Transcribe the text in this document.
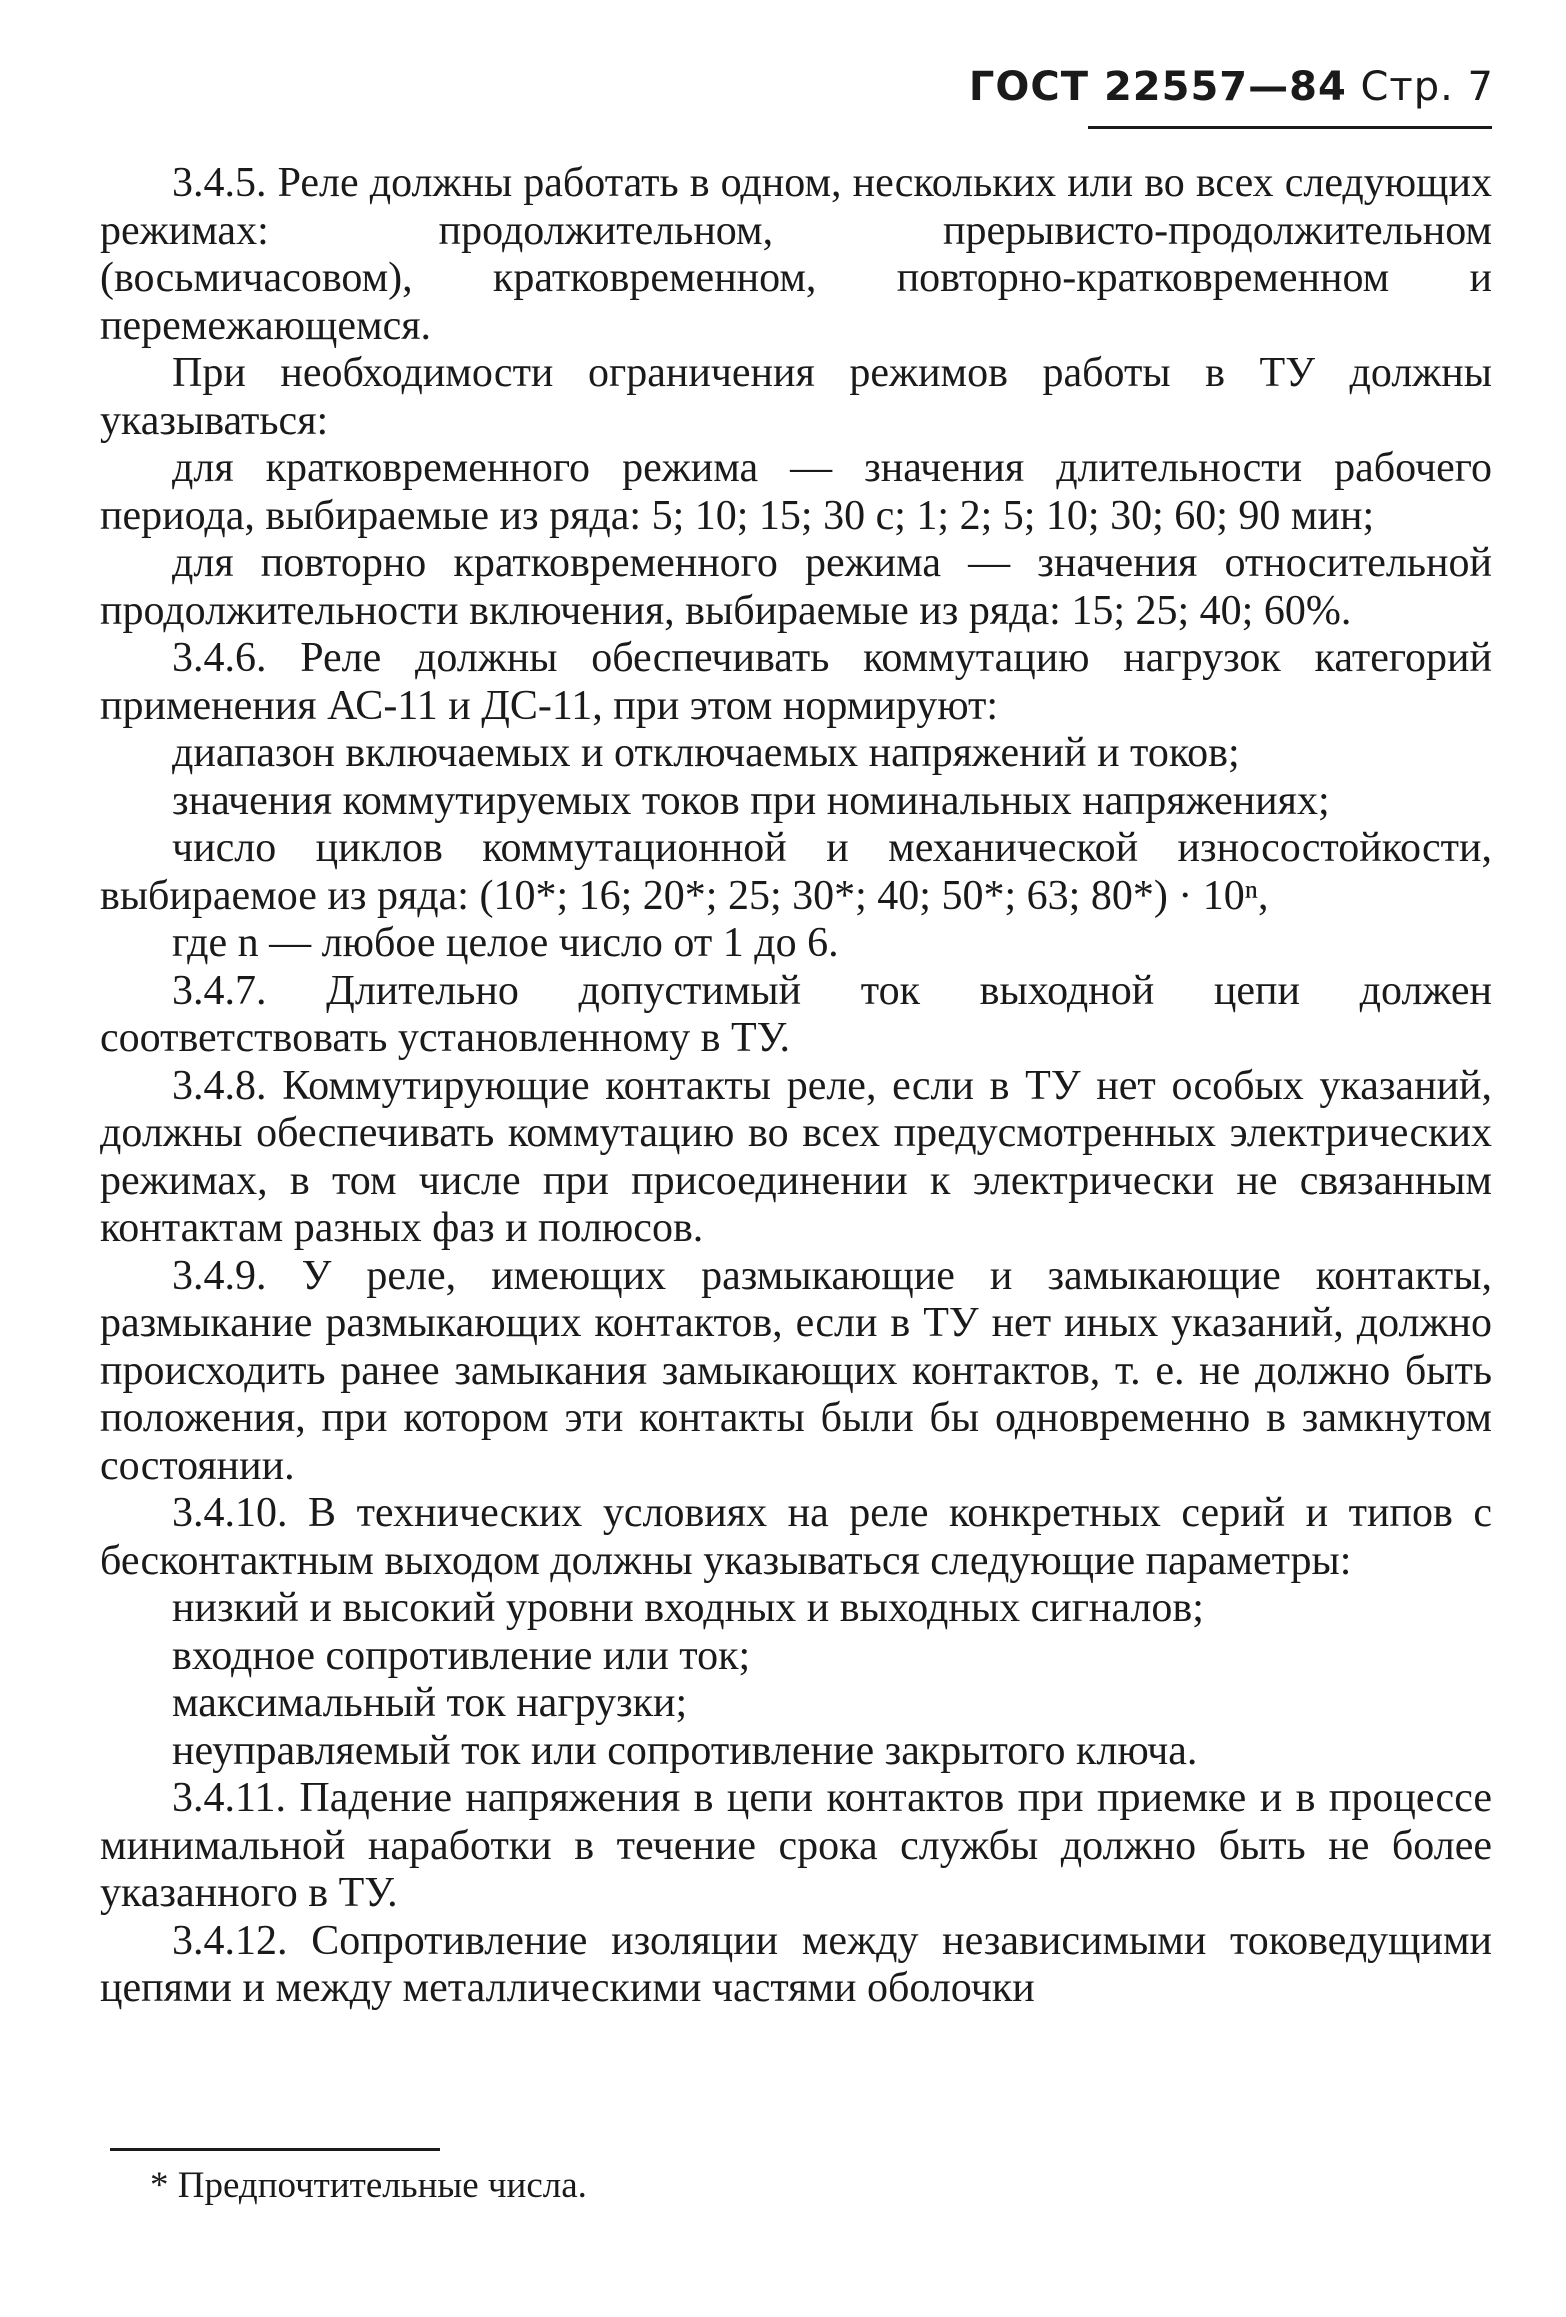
ГОСТ 22557—84 Стр. 7

3.4.5. Реле должны работать в одном, нескольких или во всех следующих режимах: продолжительном, прерывисто-продолжительном (восьмичасовом), кратковременном, повторно-кратковременном и перемежающемся.

При необходимости ограничения режимов работы в ТУ должны указываться:

для кратковременного режима — значения длительности рабочего периода, выбираемые из ряда: 5; 10; 15; 30 с; 1; 2; 5; 10; 30; 60; 90 мин;

для повторно кратковременного режима — значения относительной продолжительности включения, выбираемые из ряда: 15; 25; 40; 60%.

3.4.6. Реле должны обеспечивать коммутацию нагрузок категорий применения АС-11 и ДС-11, при этом нормируют:

диапазон включаемых и отключаемых напряжений и токов;

значения коммутируемых токов при номинальных напряжениях;

число циклов коммутационной и механической износостойкости, выбираемое из ряда: (10*; 16; 20*; 25; 30*; 40; 50*; 63; 80*) · 10ⁿ,

где n — любое целое число от 1 до 6.

3.4.7. Длительно допустимый ток выходной цепи должен соответствовать установленному в ТУ.

3.4.8. Коммутирующие контакты реле, если в ТУ нет особых указаний, должны обеспечивать коммутацию во всех предусмотренных электрических режимах, в том числе при присоединении к электрически не связанным контактам разных фаз и полюсов.

3.4.9. У реле, имеющих размыкающие и замыкающие контакты, размыкание размыкающих контактов, если в ТУ нет иных указаний, должно происходить ранее замыкания замыкающих контактов, т. е. не должно быть положения, при котором эти контакты были бы одновременно в замкнутом состоянии.

3.4.10. В технических условиях на реле конкретных серий и типов с бесконтактным выходом должны указываться следующие параметры:

низкий и высокий уровни входных и выходных сигналов;

входное сопротивление или ток;

максимальный ток нагрузки;

неуправляемый ток или сопротивление закрытого ключа.

3.4.11. Падение напряжения в цепи контактов при приемке и в процессе минимальной наработки в течение срока службы должно быть не более указанного в ТУ.

3.4.12. Сопротивление изоляции между независимыми токоведущими цепями и между металлическими частями оболочки

* Предпочтительные числа.
